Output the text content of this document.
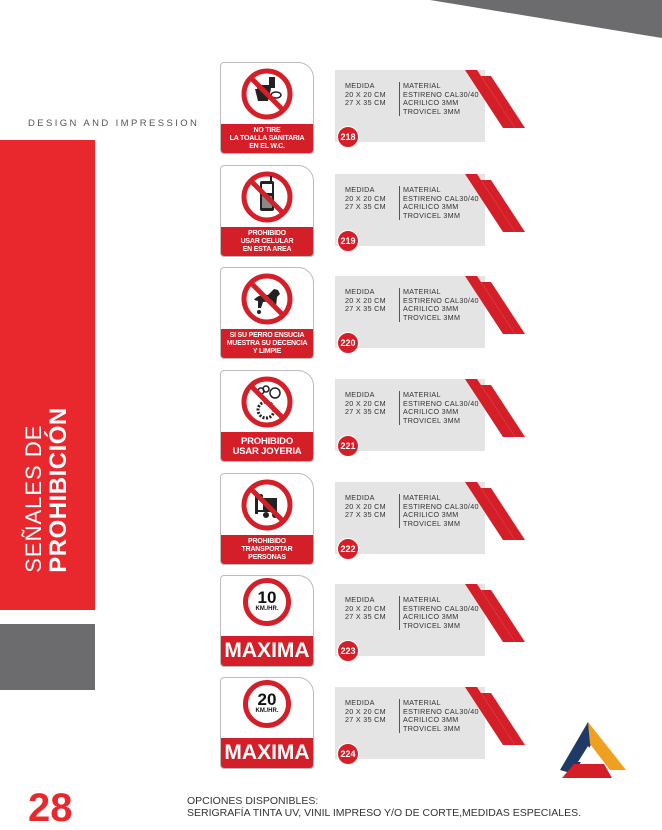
DESIGN AND IMPRESSION
SEÑALES DE PROHIBICIÓN
NO TIRE
LA TOALLA SANITARIA
EN EL W.C.
PROHIBIDO
USAR CELULAR
EN ESTA AREA
SI SU PERRO ENSUCIA
MUESTRA SU DECENCIA
Y LIMPIE
PROHIBIDO
USAR JOYERIA
PROHIBIDO
TRANSPORTAR
PERSONAS
10
KM./HR.
MAXIMA
20
KM./HR.
MAXIMA
MEDIDA
20 X 20 CM
27 X 35 CM
MATERIAL
ESTIRENO CAL30/40
ACRILICO 3MM
TROVICEL 3MM
218
MEDIDA
20 X 20 CM
27 X 35 CM
MATERIAL
ESTIRENO CAL30/40
ACRILICO 3MM
TROVICEL 3MM
219
MEDIDA
20 X 20 CM
27 X 35 CM
MATERIAL
ESTIRENO CAL30/40
ACRILICO 3MM
TROVICEL 3MM
220
MEDIDA
20 X 20 CM
27 X 35 CM
MATERIAL
ESTIRENO CAL30/40
ACRILICO 3MM
TROVICEL 3MM
221
MEDIDA
20 X 20 CM
27 X 35 CM
MATERIAL
ESTIRENO CAL30/40
ACRILICO 3MM
TROVICEL 3MM
222
MEDIDA
20 X 20 CM
27 X 35 CM
MATERIAL
ESTIRENO CAL30/40
ACRILICO 3MM
TROVICEL 3MM
223
MEDIDA
20 X 20 CM
27 X 35 CM
MATERIAL
ESTIRENO CAL30/40
ACRILICO 3MM
TROVICEL 3MM
224
28	OPCIONES DISPONIBLES:
SERIGRAFÍA TINTA UV, VINIL IMPRESO Y/O DE CORTE,MEDIDAS ESPECIALES.
